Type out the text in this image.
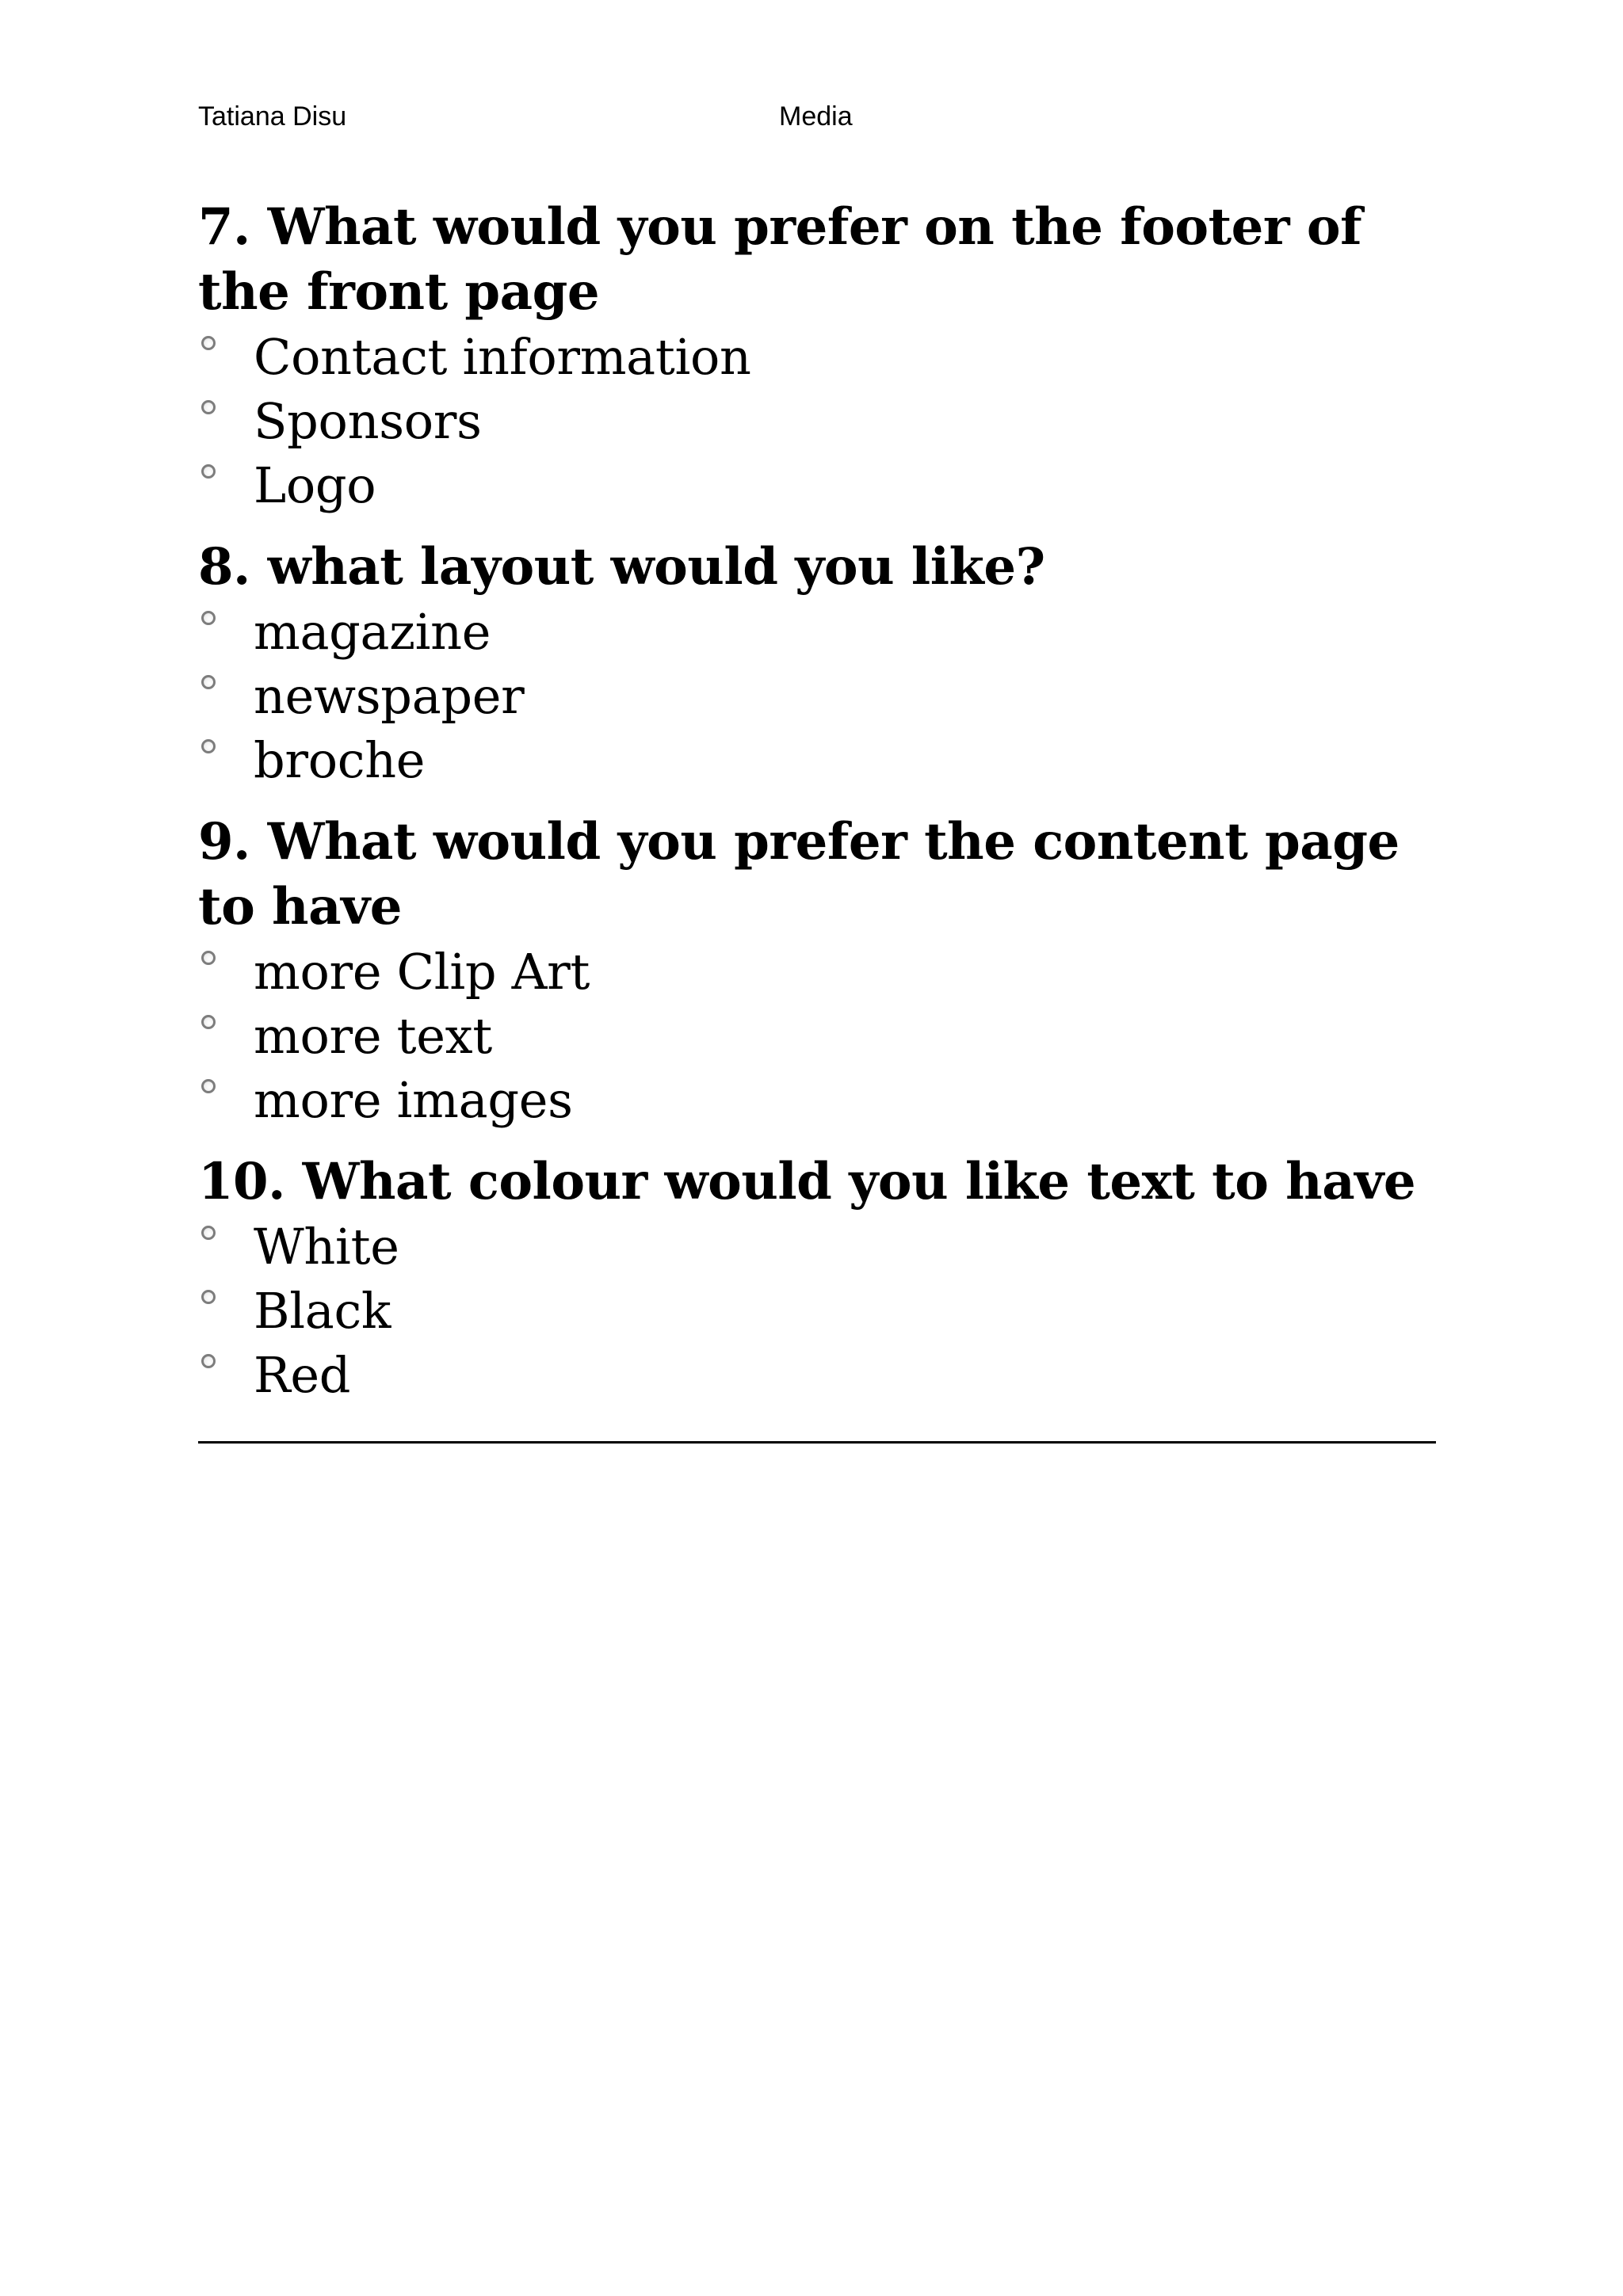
Tatiana Disu	Media
7. What would you prefer on the footer of the front page
Contact information
Sponsors
Logo
8. what layout would you like?
magazine
newspaper
broche
9. What would you prefer the content page to have
more Clip Art
more text
more images
10. What colour would you like text to have
White
Black
Red
